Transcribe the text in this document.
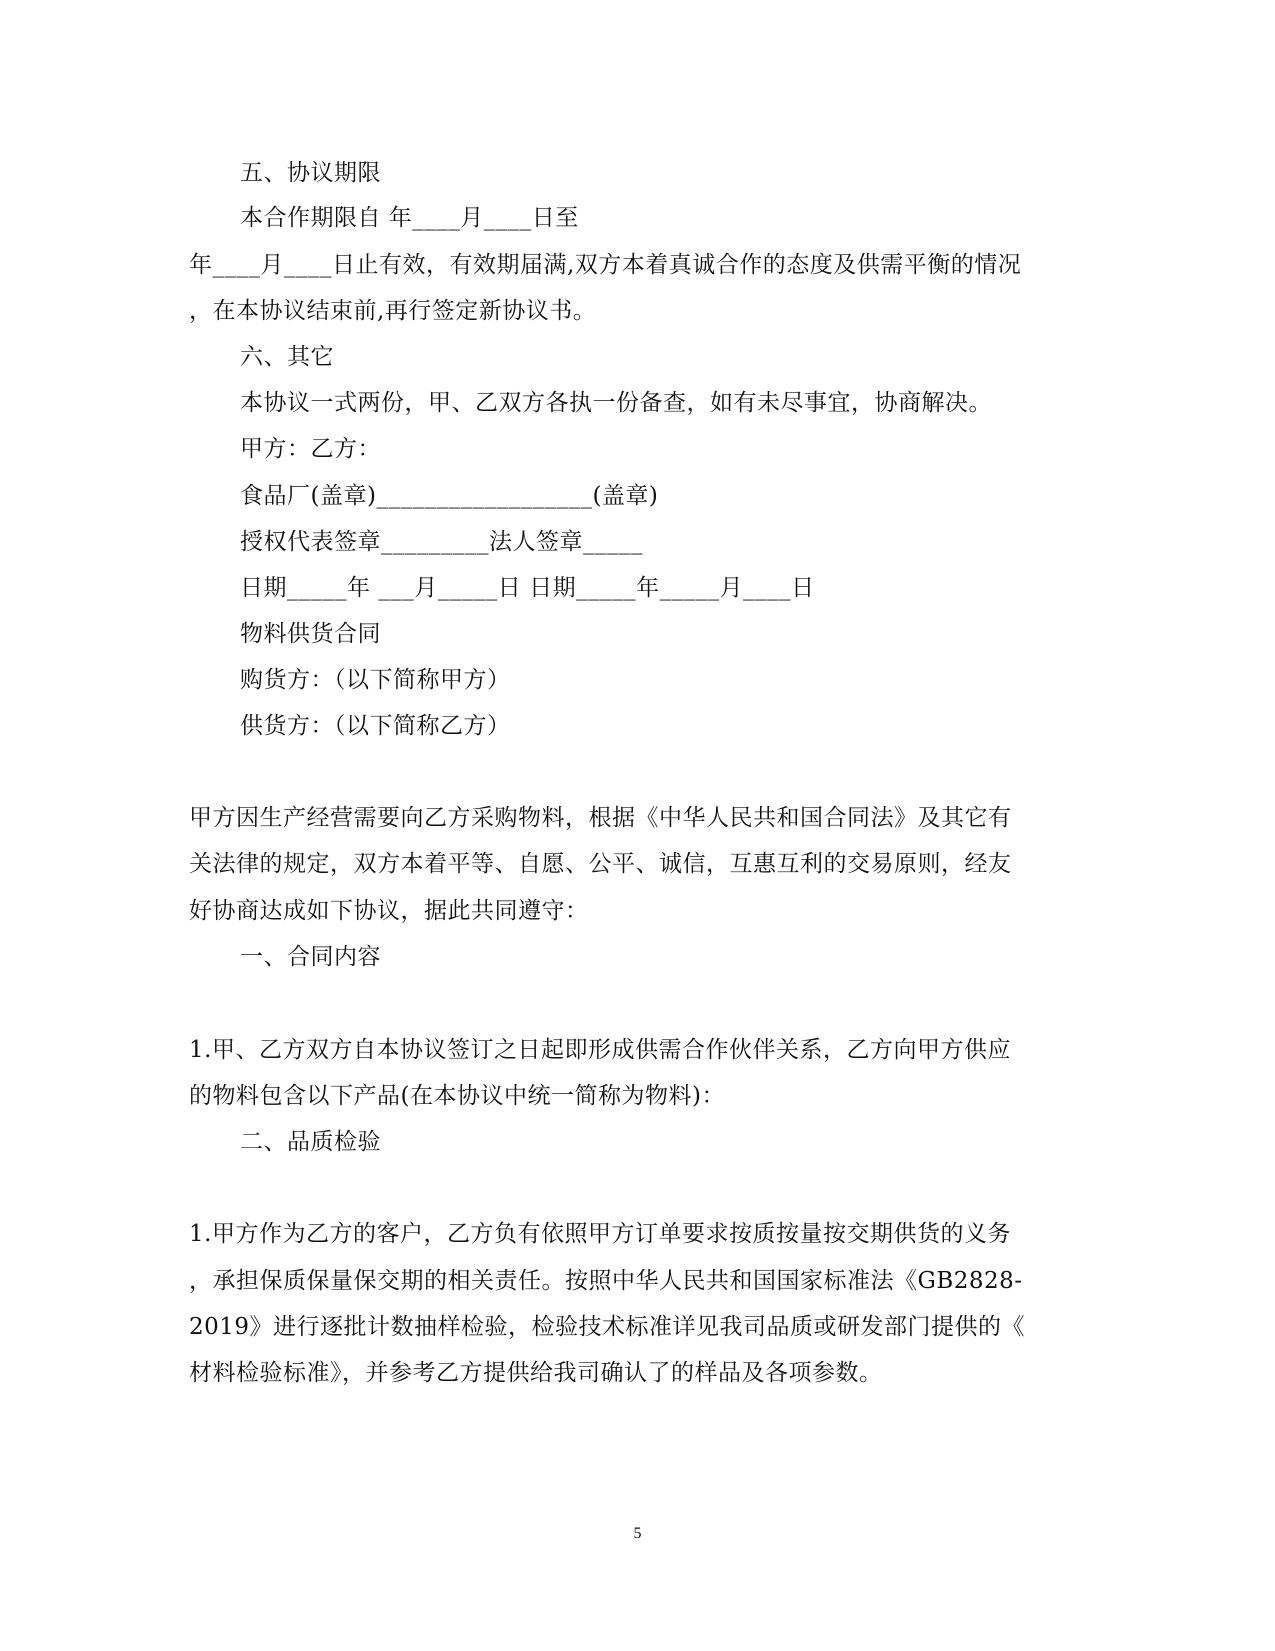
五、协议期限
本合作期限自 年____月____日至
年____月____日止有效，有效期届满,双方本着真诚合作的态度及供需平衡的情况
，在本协议结束前,再行签定新协议书。
六、其它
本协议一式两份，甲、乙双方各执一份备查，如有未尽事宜，协商解决。
甲方：乙方：
食品厂(盖章)__________________(盖章)
授权代表签章_________法人签章_____
日期_____年 ___月_____日 日期_____年_____月____日
物料供货合同
购货方：（以下简称甲方）
供货方：（以下简称乙方）
甲方因生产经营需要向乙方采购物料，根据《中华人民共和国合同法》及其它有
关法律的规定，双方本着平等、自愿、公平、诚信，互惠互利的交易原则，经友
好协商达成如下协议，据此共同遵守：
一、合同内容
1.甲、乙方双方自本协议签订之日起即形成供需合作伙伴关系，乙方向甲方供应
的物料包含以下产品(在本协议中统一简称为物料)：
二、品质检验
1.甲方作为乙方的客户，乙方负有依照甲方订单要求按质按量按交期供货的义务
，承担保质保量保交期的相关责任。按照中华人民共和国国家标准法《GB2828-
2019》进行逐批计数抽样检验，检验技术标准详见我司品质或研发部门提供的《
材料检验标准》，并参考乙方提供给我司确认了的样品及各项参数。
5
